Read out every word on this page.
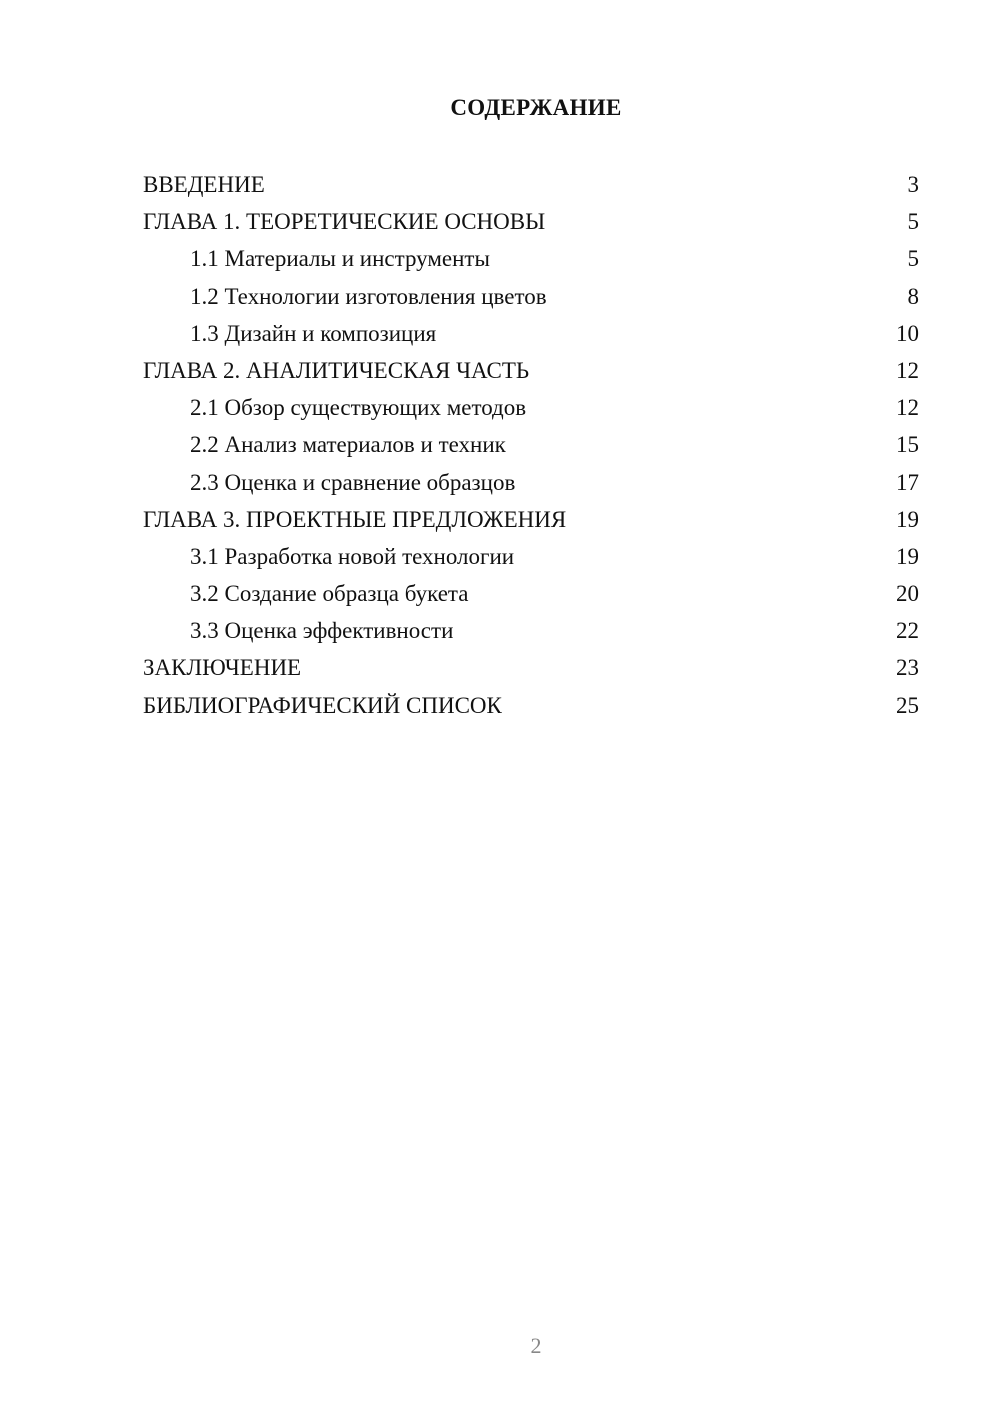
СОДЕРЖАНИЕ
ВВЕДЕНИЕ	3
ГЛАВА 1. ТЕОРЕТИЧЕСКИЕ ОСНОВЫ	5
1.1 Материалы и инструменты	5
1.2 Технологии изготовления цветов	8
1.3 Дизайн и композиция	10
ГЛАВА 2. АНАЛИТИЧЕСКАЯ ЧАСТЬ	12
2.1 Обзор существующих методов	12
2.2 Анализ материалов и техник	15
2.3 Оценка и сравнение образцов	17
ГЛАВА 3. ПРОЕКТНЫЕ ПРЕДЛОЖЕНИЯ	19
3.1 Разработка новой технологии	19
3.2 Создание образца букета	20
3.3 Оценка эффективности	22
ЗАКЛЮЧЕНИЕ	23
БИБЛИОГРАФИЧЕСКИЙ СПИСОК	25
2
